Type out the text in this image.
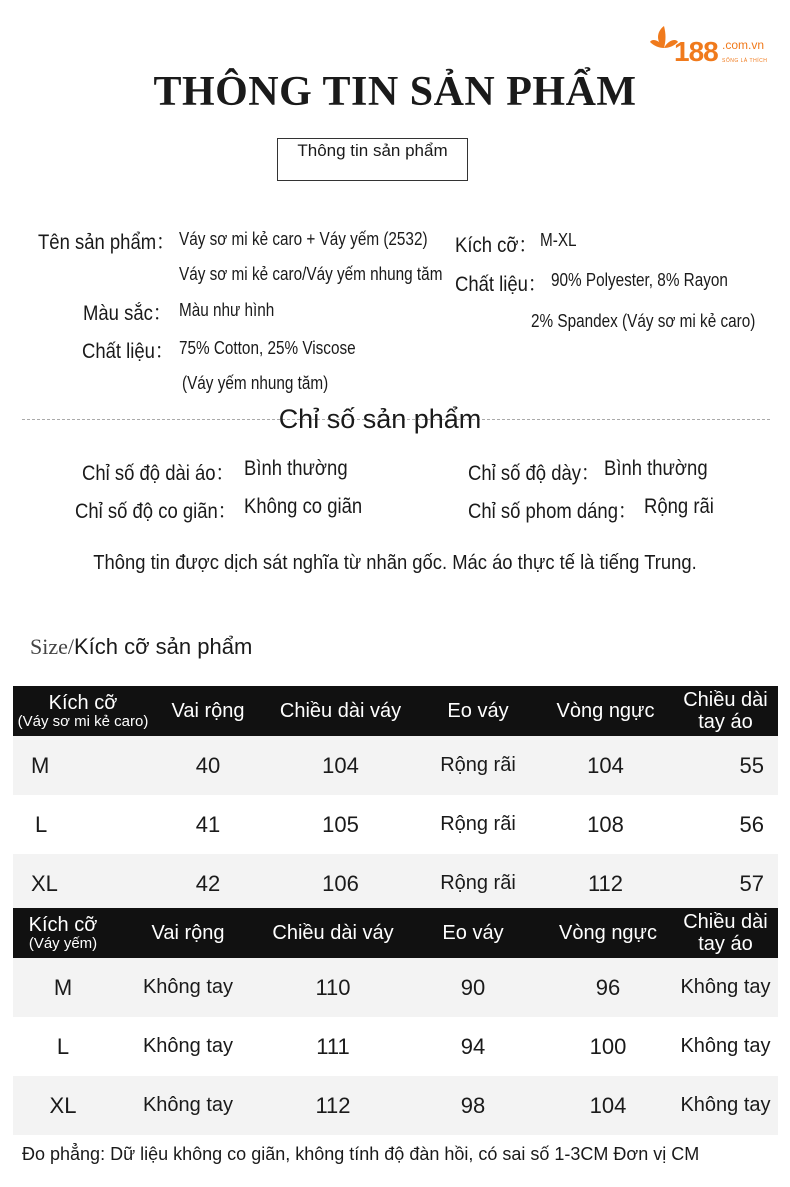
188 .com.vn
SỐNG LÀ THÍCH
THÔNG TIN SẢN PHẨM
Thông tin sản phẩm
Tên sản phẩm： Váy sơ mi kẻ caro + Váy yếm (2532)
Váy sơ mi kẻ caro/Váy yếm nhung tăm
Màu sắc： Màu như hình
Chất liệu： 75% Cotton, 25% Viscose
(Váy yếm nhung tăm)
Kích cỡ： M-XL
Chất liệu： 90% Polyester, 8% Rayon
2% Spandex (Váy sơ mi kẻ caro)
Chỉ số sản phẩm
Chỉ số độ dài áo： Bình thường	Chỉ số độ dày： Bình thường
Chỉ số độ co giãn： Không co giãn	Chỉ số phom dáng： Rộng rãi
Thông tin được dịch sát nghĩa từ nhãn gốc. Mác áo thực tế là tiếng Trung.
Size/Kích cỡ sản phẩm
Kích cỡ
(Váy sơ mi kẻ caro)	Vai rộng	Chiều dài váy	Eo váy	Vòng ngực	Chiều dài tay áo
M	40	104	Rộng rãi	104	55
L	41	105	Rộng rãi	108	56
XL	42	106	Rộng rãi	112	57
Kích cỡ
(Váy yếm)	Vai rộng	Chiều dài váy	Eo váy	Vòng ngực	Chiều dài tay áo
M	Không tay	110	90	96	Không tay
L	Không tay	111	94	100	Không tay
XL	Không tay	112	98	104	Không tay
Đo phẳng: Dữ liệu không co giãn, không tính độ đàn hồi, có sai số 1-3CM Đơn vị CM
